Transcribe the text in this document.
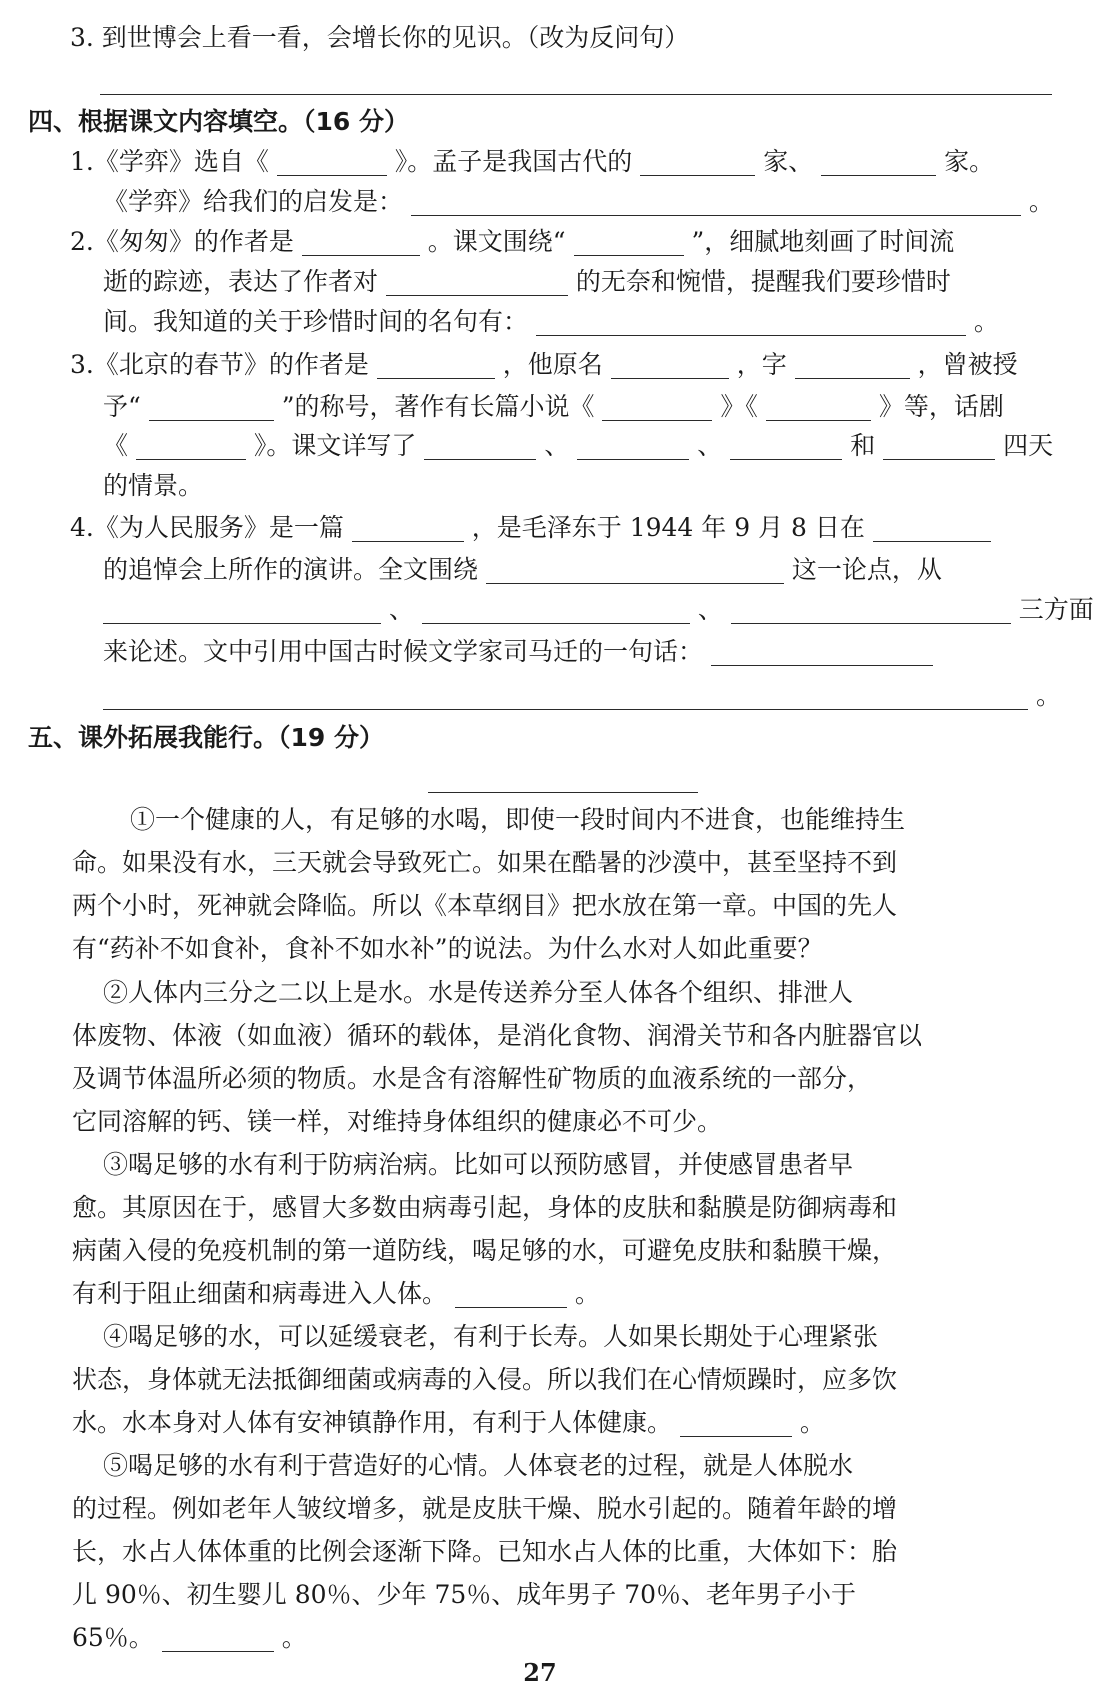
3. 到世博会上看一看，会增长你的见识。（改为反问句）
四、根据课文内容填空。（16 分）
1.《学弈》选自《	》。孟子是我国古代的	家、	家。
《学弈》给我们的启发是：	。
2.《匆匆》的作者是	。课文围绕“	”，细腻地刻画了时间流
逝的踪迹，表达了作者对	的无奈和惋惜，提醒我们要珍惜时
间。我知道的关于珍惜时间的名句有：	。
3.《北京的春节》的作者是	，他原名	，字	，曾被授
予“	”的称号，著作有长篇小说《	》《	》等，话剧
《	》。课文详写了	、	、	和	四天
的情景。
4.《为人民服务》是一篇	，是毛泽东于 1944 年 9 月 8 日在
的追悼会上所作的演讲。全文围绕	这一论点，从
、	、	三方面
来论述。文中引用中国古时候文学家司马迁的一句话：
。
五、课外拓展我能行。（19 分）
①一个健康的人，有足够的水喝，即使一段时间内不进食，也能维持生
命。如果没有水，三天就会导致死亡。如果在酷暑的沙漠中，甚至坚持不到
两个小时，死神就会降临。所以《本草纲目》把水放在第一章。中国的先人
有“药补不如食补，食补不如水补”的说法。为什么水对人如此重要？
②人体内三分之二以上是水。水是传送养分至人体各个组织、排泄人
体废物、体液（如血液）循环的载体，是消化食物、润滑关节和各内脏器官以
及调节体温所必须的物质。水是含有溶解性矿物质的血液系统的一部分，
它同溶解的钙、镁一样，对维持身体组织的健康必不可少。
③喝足够的水有利于防病治病。比如可以预防感冒，并使感冒患者早
愈。其原因在于，感冒大多数由病毒引起，身体的皮肤和黏膜是防御病毒和
病菌入侵的免疫机制的第一道防线，喝足够的水，可避免皮肤和黏膜干燥，
有利于阻止细菌和病毒进入人体。	。
④喝足够的水，可以延缓衰老，有利于长寿。人如果长期处于心理紧张
状态，身体就无法抵御细菌或病毒的入侵。所以我们在心情烦躁时，应多饮
水。水本身对人体有安神镇静作用，有利于人体健康。	。
⑤喝足够的水有利于营造好的心情。人体衰老的过程，就是人体脱水
的过程。例如老年人皱纹增多，就是皮肤干燥、脱水引起的。随着年龄的增
长，水占人体体重的比例会逐渐下降。已知水占人体的比重，大体如下：胎
儿 90％、初生婴儿 80％、少年 75％、成年男子 70％、老年男子小于
65％。	。
27
